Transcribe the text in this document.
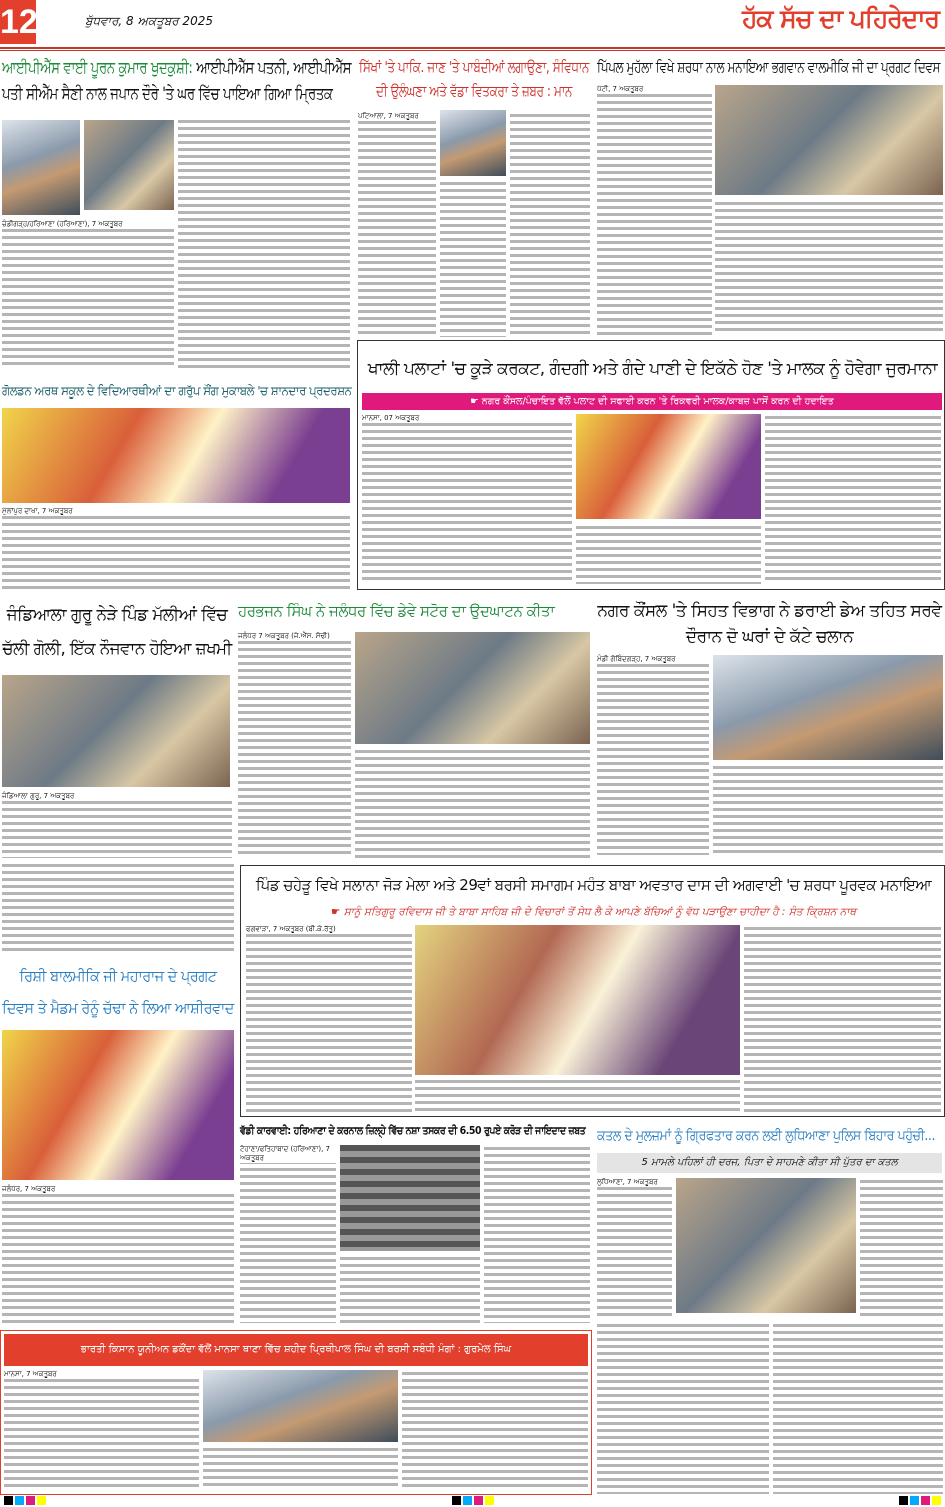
12	ਬੁੱਧਵਾਰ, 8 ਅਕਤੂਬਰ 2025	ਹੱਕ ਸੱਚ ਦਾ ਪਹਿਰੇਦਾਰ
ਆਈਪੀਐੱਸ ਵਾਈ ਪੂਰਨ ਕੁਮਾਰ ਖੁਦਕੁਸ਼ੀ: ਆਈਪੀਐੱਸ ਪਤਨੀ, ਆਈਪੀਐੱਸ ਪਤੀ ਸੀਐੱਮ ਸੈਣੀ ਨਾਲ ਜਪਾਨ ਦੌਰੇ 'ਤੇ ਘਰ ਵਿੱਚ ਪਾਇਆ ਗਿਆ ਮ੍ਰਿਤਕ
ਚੰਡੀਗੜ੍ਹ/ਹਰਿਆਣਾ (ਹਰਿਆਣਾ), 7 ਅਕਤੂਬਰ
ਸਿੱਖਾਂ 'ਤੇ ਪਾਕਿ. ਜਾਣ 'ਤੇ ਪਾਬੰਦੀਆਂ ਲਗਾਉਣਾ, ਸੰਵਿਧਾਨ ਦੀ ਉਲੰਘਣਾ ਅਤੇ ਵੱਡਾ ਵਿਤਕਰਾ ਤੇ ਜ਼ਬਰ : ਮਾਨ
ਪਟਿਆਲਾ, 7 ਅਕਤੂਬਰ
ਪਿੱਪਲ ਮੁਹੱਲਾ ਵਿਖੇ ਸ਼ਰਧਾ ਨਾਲ ਮਨਾਇਆ ਭਗਵਾਨ ਵਾਲਮੀਕਿ ਜੀ ਦਾ ਪ੍ਰਗਟ ਦਿਵਸ
ਪੱਟੀ, 7 ਅਕਤੂਬਰ
ਖਾਲੀ ਪਲਾਟਾਂ 'ਚ ਕੂੜੇ ਕਰਕਟ, ਗੰਦਗੀ ਅਤੇ ਗੰਦੇ ਪਾਣੀ ਦੇ ਇਕੱਠੇ ਹੋਣ 'ਤੇ ਮਾਲਕ ਨੂੰ ਹੋਵੇਗਾ ਜੁਰਮਾਨਾ
☛ ਨਗਰ ਕੌਂਸਲ/ਪੰਚਾਇਤ ਵੱਲੋਂ ਪਲਾਟ ਦੀ ਸਫਾਈ ਕਰਨ 'ਤੇ ਰਿਕਵਰੀ ਮਾਲਕ/ਕਾਬਜ਼ ਪਾਸੋਂ ਕਰਨ ਦੀ ਹਦਾਇਤ
ਮਾਨਸਾ, 07 ਅਕਤੂਬਰ
ਗੋਲਡਨ ਅਰਥ ਸਕੂਲ ਦੇ ਵਿਦਿਆਰਥੀਆਂ ਦਾ ਗਰੁੱਪ ਸੌਂਗ ਮੁਕਾਬਲੇ 'ਚ ਸ਼ਾਨਦਾਰ ਪ੍ਰਦਰਸ਼ਨ
ਮੁੱਲਾਂਪੁਰ ਦਾਖਾ, 7 ਅਕਤੂਬਰ
ਜੰਡਿਆਲਾ ਗੁਰੂ ਨੇੜੇ ਪਿੰਡ ਮੱਲੀਆਂ ਵਿੱਚ ਚੱਲੀ ਗੋਲੀ, ਇੱਕ ਨੌਜਵਾਨ ਹੋਇਆ ਜ਼ਖਮੀ
ਜੰਡਿਆਲਾ ਗੁਰੂ, 7 ਅਕਤੂਬਰ
ਹਰਭਜਨ ਸਿੰਘ ਨੇ ਜਲੰਧਰ ਵਿੱਚ ਡੇਵੇ ਸਟੋਰ ਦਾ ਉਦਘਾਟਨ ਕੀਤਾ
ਜਲੰਧਰ 7 ਅਕਤੂਬਰ (ਜੇ.ਐੱਸ. ਸੋਢੀ)
ਨਗਰ ਕੌਂਸਲ 'ਤੇ ਸਿਹਤ ਵਿਭਾਗ ਨੇ ਡਰਾਈ ਡੇਅ ਤਹਿਤ ਸਰਵੇ ਦੌਰਾਨ ਦੋ ਘਰਾਂ ਦੇ ਕੱਟੇ ਚਲਾਨ
ਮੰਡੀ ਗੋਬਿੰਦਗੜ੍ਹ, 7 ਅਕਤੂਬਰ
ਪਿੰਡ ਚਹੇੜੂ ਵਿਖੇ ਸਲਾਨਾ ਜੋੜ ਮੇਲਾ ਅਤੇ 29ਵਾਂ ਬਰਸੀ ਸਮਾਗਮ ਮਹੰਤ ਬਾਬਾ ਅਵਤਾਰ ਦਾਸ ਦੀ ਅਗਵਾਈ 'ਚ ਸ਼ਰਧਾ ਪੂਰਵਕ ਮਨਾਇਆ
☛ ਸਾਨੂੰ ਸਤਿਗੁਰੂ ਰਵਿਦਾਸ ਜੀ ਤੇ ਬਾਬਾ ਸਾਹਿਬ ਜੀ ਦੇ ਵਿਚਾਰਾਂ ਤੋਂ ਸੇਧ ਲੈ ਕੇ ਆਪਣੇ ਬੱਚਿਆਂ ਨੂੰ ਵੱਧ ਪੜਾਉਣਾ ਚਾਹੀਦਾ ਹੈ : ਸੰਤ ਕ੍ਰਿਸ਼ਨ ਨਾਥ
ਫਗਵਾੜਾ, 7 ਅਕਤੂਬਰ (ਬੀ.ਕੇ.ਰੱਤੂ)
ਰਿਸ਼ੀ ਬਾਲਮੀਕਿ ਜੀ ਮਹਾਰਾਜ ਦੇ ਪ੍ਰਗਟ ਦਿਵਸ ਤੇ ਮੈਡਮ ਰੇਨੂੰ ਚੱਢਾ ਨੇ ਲਿਆ ਆਸ਼ੀਰਵਾਦ
ਜਲੰਧਰ, 7 ਅਕਤੂਬਰ
ਵੱਡੀ ਕਾਰਵਾਈ: ਹਰਿਆਣਾ ਦੇ ਕਰਨਾਲ ਜ਼ਿਲ੍ਹੇ ਵਿੱਚ ਨਸ਼ਾ ਤਸਕਰ ਦੀ 6.50 ਰੁਪਏ ਕਰੋੜ ਦੀ ਜਾਇਦਾਦ ਜ਼ਬਤ
ਟੋਹਾਣਾ/ਫਤਿਹਾਬਾਦ (ਹਰਿਆਣਾ), 7 ਅਕਤੂਬਰ
ਕਤਲ ਦੇ ਮੁਲਜ਼ਮਾਂ ਨੂੰ ਗ੍ਰਿਫਤਾਰ ਕਰਨ ਲਈ ਲੁਧਿਆਣਾ ਪੁਲਿਸ ਬਿਹਾਰ ਪਹੁੰਚੀ...
5 ਮਾਮਲੇ ਪਹਿਲਾਂ ਹੀ ਦਰਜ, ਪਿਤਾ ਦੇ ਸਾਹਮਣੇ ਕੀਤਾ ਸੀ ਪੁੱਤਰ ਦਾ ਕਤਲ
ਲੁਧਿਆਣਾ, 7 ਅਕਤੂਬਰ
ਭਾਰਤੀ ਕਿਸਾਨ ਯੂਨੀਅਨ ਡਕੌਂਦਾ ਵੱਲੋਂ ਮਾਨਸਾ ਥਾਣਾ ਵਿੱਚ ਸ਼ਹੀਦ ਪ੍ਰਿਥੀਪਾਲ ਸਿੰਘ ਦੀ ਬਰਸੀ ਸਬੰਧੀ ਮੰਗਾਂ : ਗੁਰਮੇਲ ਸਿੰਘ
ਮਾਨਸਾ, 7 ਅਕਤੂਬਰ
